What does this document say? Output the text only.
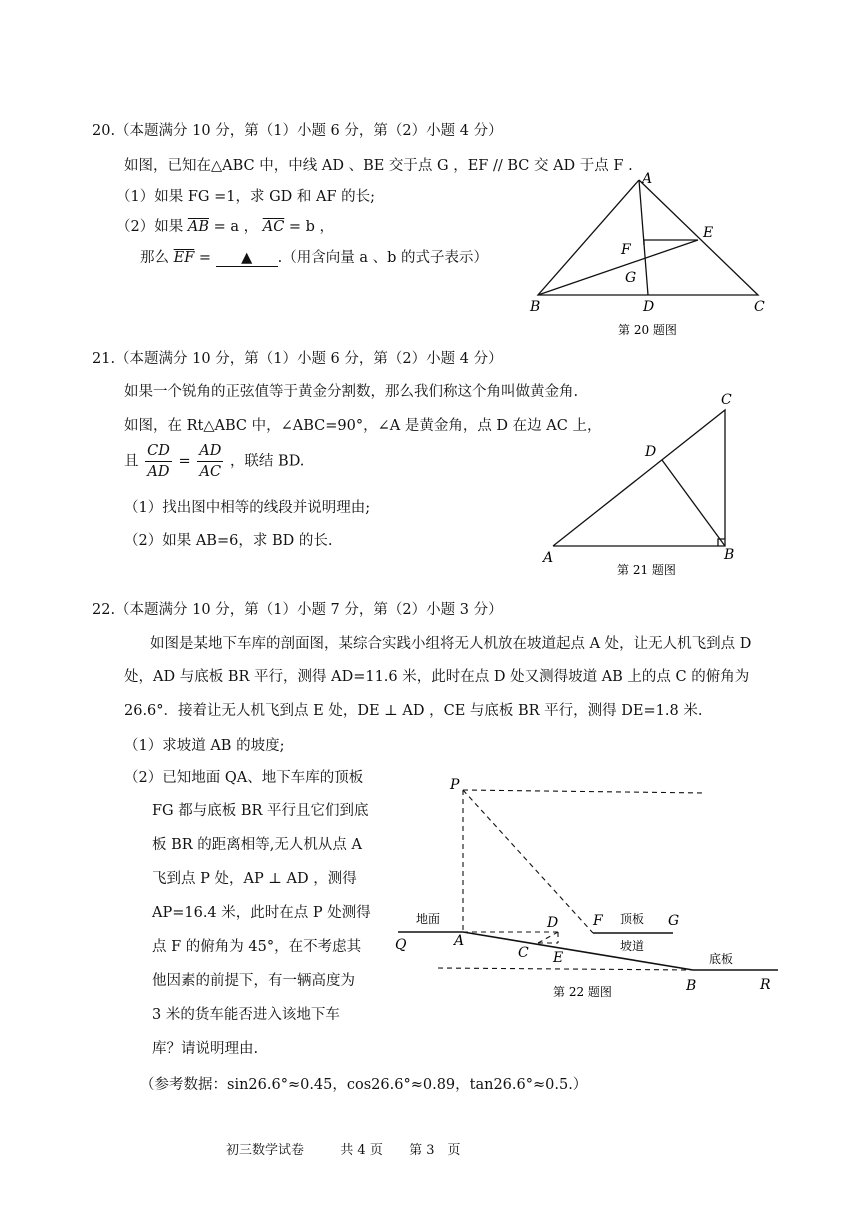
20.（本题满分 10 分，第（1）小题 6 分，第（2）小题 4 分）
如图，已知在△ABC 中，中线 AD 、BE 交于点 G ，EF // BC 交 AD 于点 F .
（1）如果 FG =1，求 GD 和 AF 的长;
（2）如果 $\overline{AB} = a$ ， $\overline{AC} = b$ ，
那么 $\overline{EF}$ = ▲ .（用含向量 a 、b 的式子表示）
A
B	C
D
E
F
G
第 20 题图
21.（本题满分 10 分，第（1）小题 6 分，第（2）小题 4 分）
如果一个锐角的正弦值等于黄金分割数，那么我们称这个角叫做黄金角.
如图，在 Rt△ABC 中，∠ABC=90°，∠A 是黄金角，点 D 在边 AC 上，
且 $\frac{CD}{AD} = \frac{AD}{AC}$ ，联结 BD.
（1）找出图中相等的线段并说明理由;
（2）如果 AB=6，求 BD 的长.
A	B
C
D
第 21 题图
22.（本题满分 10 分，第（1）小题 7 分，第（2）小题 3 分）
如图是某地下车库的剖面图，某综合实践小组将无人机放在坡道起点 A 处，让无人机飞到点 D
处，AD 与底板 BR 平行，测得 AD=11.6 米，此时在点 D 处又测得坡道 AB 上的点 C 的俯角为
26.6°．接着让无人机飞到点 E 处，DE ⊥ AD ，CE 与底板 BR 平行，测得 DE=1.8 米.
（1）求坡道 AB 的坡度;
（2）已知地面 QA、地下车库的顶板
FG 都与底板 BR 平行且它们到底
板 BR 的距离相等,无人机从点 A
飞到点 P 处，AP ⊥ AD ，测得
AP=16.4 米，此时在点 P 处测得
点 F 的俯角为 45°，在不考虑其
他因素的前提下，有一辆高度为
3 米的货车能否进入该地下车
库？请说明理由.
（参考数据：sin26.6°≈0.45，cos26.6°≈0.89，tan26.6°≈0.5.）
P
Q	A
C
D
E
F	G
B	R
地面	顶板
坡道
底板
第 22 题图
初三数学试卷	共 4 页 第 3　页
